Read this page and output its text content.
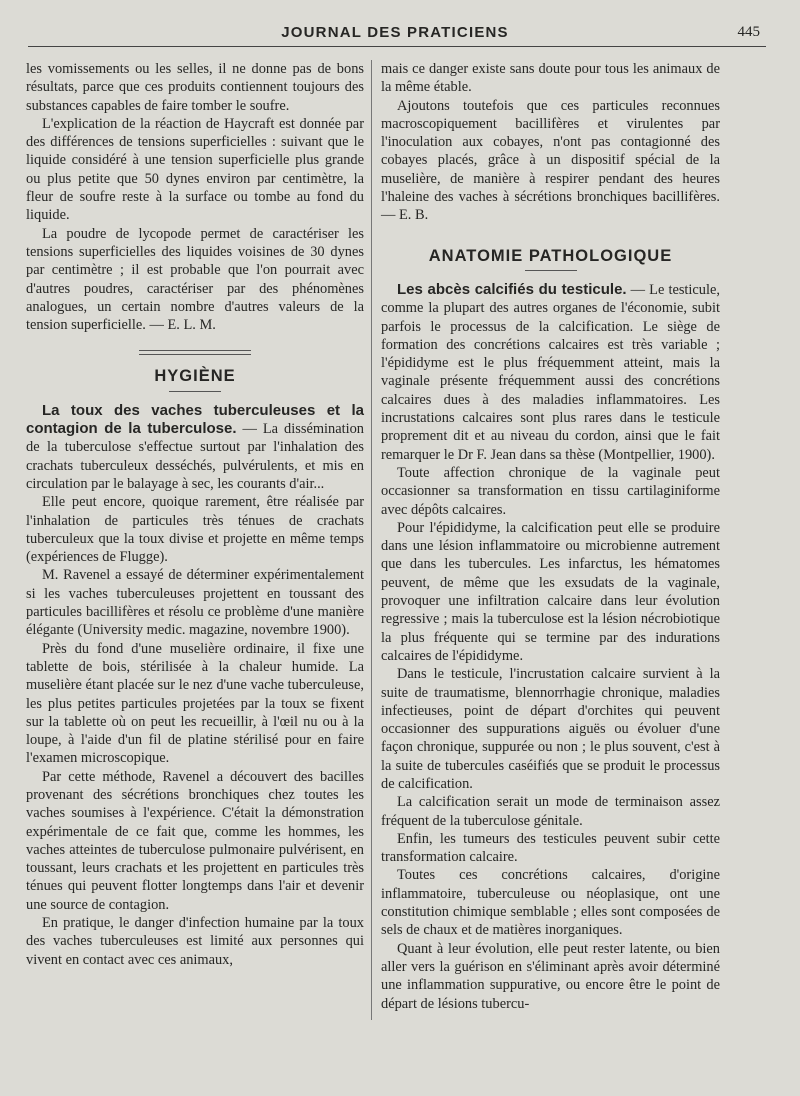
JOURNAL DES PRATICIENS	445

les vomissements ou les selles, il ne donne pas de bons résultats, parce que ces produits contiennent toujours des substances capables de faire tomber le soufre.

L'explication de la réaction de Haycraft est donnée par des différences de tensions superficielles : suivant que le liquide considéré à une tension superficielle plus grande ou plus petite que 50 dynes environ par centimètre, la fleur de soufre reste à la surface ou tombe au fond du liquide.

La poudre de lycopode permet de caractériser les tensions superficielles des liquides voisines de 30 dynes par centimètre ; il est probable que l'on pourrait avec d'autres poudres, caractériser par des phénomènes analogues, un certain nombre d'autres valeurs de la tension superficielle. — E. L. M.

HYGIÈNE

La toux des vaches tuberculeuses et la contagion de la tuberculose. — La dissémination de la tuberculose s'effectue surtout par l'inhalation des crachats tuberculeux desséchés, pulvérulents, et mis en circulation par le balayage à sec, les courants d'air...

Elle peut encore, quoique rarement, être réalisée par l'inhalation de particules très ténues de crachats tuberculeux que la toux divise et projette en même temps (expériences de Flugge).

M. Ravenel a essayé de déterminer expérimentalement si les vaches tuberculeuses projettent en toussant des particules bacillifères et résolu ce problème d'une manière élégante (University medic. magazine, novembre 1900).

Près du fond d'une muselière ordinaire, il fixe une tablette de bois, stérilisée à la chaleur humide. La muselière étant placée sur le nez d'une vache tuberculeuse, les plus petites particules projetées par la toux se fixent sur la tablette où on peut les recueillir, à l'œil nu ou à la loupe, à l'aide d'un fil de platine stérilisé pour en faire l'examen microscopique.

Par cette méthode, Ravenel a découvert des bacilles provenant des sécrétions bronchiques chez toutes les vaches soumises à l'expérience. C'était la démonstration expérimentale de ce fait que, comme les hommes, les vaches atteintes de tuberculose pulmonaire pulvérisent, en toussant, leurs crachats et les projettent en particules très ténues qui peuvent flotter longtemps dans l'air et devenir une source de contagion.

En pratique, le danger d'infection humaine par la toux des vaches tuberculeuses est limité aux personnes qui vivent en contact avec ces animaux,

mais ce danger existe sans doute pour tous les animaux de la même étable.

Ajoutons toutefois que ces particules reconnues macroscopiquement bacillifères et virulentes par l'inoculation aux cobayes, n'ont pas contagionné des cobayes placés, grâce à un dispositif spécial de la muselière, de manière à respirer pendant des heures l'haleine des vaches à sécrétions bronchiques bacillifères. — E. B.

ANATOMIE PATHOLOGIQUE

Les abcès calcifiés du testicule. — Le testicule, comme la plupart des autres organes de l'économie, subit parfois le processus de la calcification. Le siège de formation des concrétions calcaires est très variable ; l'épididyme est le plus fréquemment atteint, mais la vaginale présente fréquemment aussi des concrétions calcaires dues à des maladies inflammatoires. Les incrustations calcaires sont plus rares dans le testicule proprement dit et au niveau du cordon, ainsi que le fait remarquer le Dr F. Jean dans sa thèse (Montpellier, 1900).

Toute affection chronique de la vaginale peut occasionner sa transformation en tissu cartilaginiforme avec dépôts calcaires.

Pour l'épididyme, la calcification peut elle se produire dans une lésion inflammatoire ou microbienne autrement que dans les tubercules. Les infarctus, les hématomes peuvent, de même que les exsudats de la vaginale, provoquer une infiltration calcaire dans leur évolution regressive ; mais la tuberculose est la lésion nécrobiotique la plus fréquente qui se termine par des indurations calcaires de l'épididyme.

Dans le testicule, l'incrustation calcaire survient à la suite de traumatisme, blennorrhagie chronique, maladies infectieuses, point de départ d'orchites qui peuvent occasionner des suppurations aiguës ou évoluer d'une façon chronique, suppurée ou non ; le plus souvent, c'est à la suite de tubercules caséifiés que se produit le processus de calcification.

La calcification serait un mode de terminaison assez fréquent de la tuberculose génitale.

Enfin, les tumeurs des testicules peuvent subir cette transformation calcaire.

Toutes ces concrétions calcaires, d'origine inflammatoire, tuberculeuse ou néoplasique, ont une constitution chimique semblable ; elles sont composées de sels de chaux et de matières inorganiques.

Quant à leur évolution, elle peut rester latente, ou bien aller vers la guérison en s'éliminant après avoir déterminé une inflammation suppurative, ou encore être le point de départ de lésions tubercu-
